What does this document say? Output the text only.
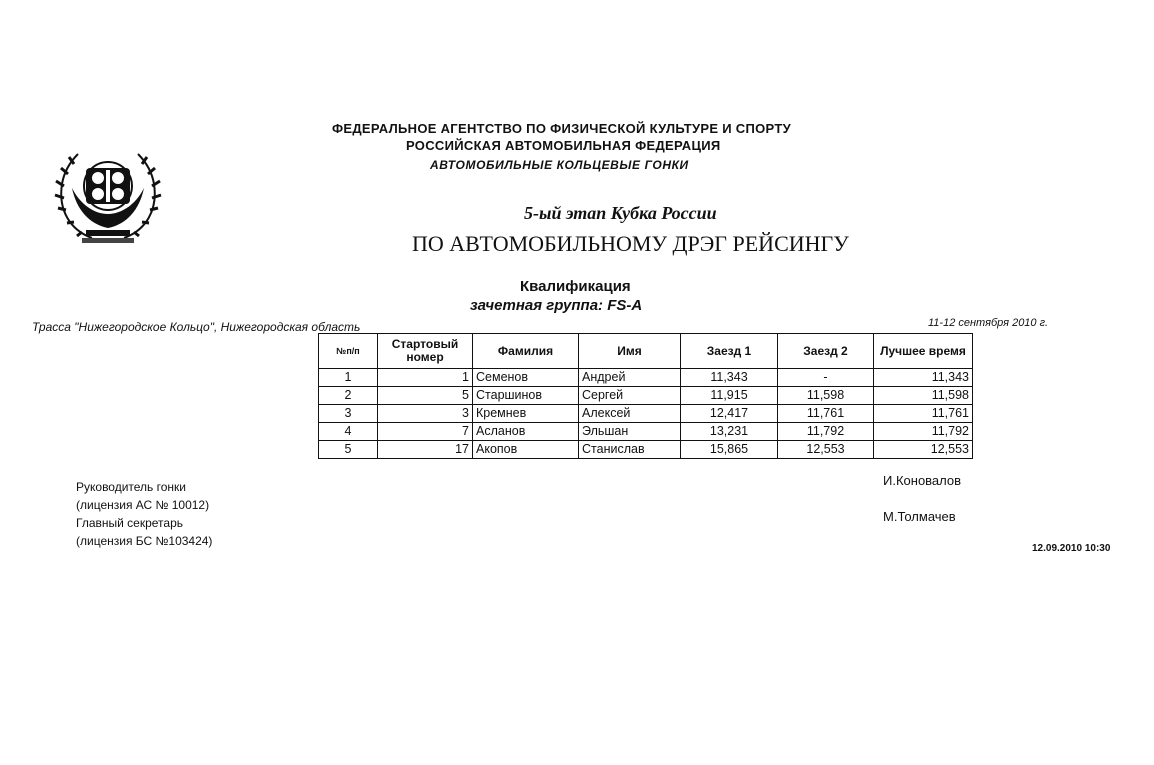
ФЕДЕРАЛЬНОЕ АГЕНТСТВО ПО ФИЗИЧЕСКОЙ КУЛЬТУРЕ И СПОРТУ
РОССИЙСКАЯ АВТОМОБИЛЬНАЯ ФЕДЕРАЦИЯ
АВТОМОБИЛЬНЫЕ КОЛЬЦЕВЫЕ ГОНКИ
5-ый этап Кубка России
ПО АВТОМОБИЛЬНОМУ ДРЭГ РЕЙСИНГУ
Квалификация
зачетная группа: FS-A
Трасса "Нижегородское Кольцо", Нижегородская область	11-12 сентября 2010 г.
№п/п	Стартовый номер	Фамилия	Имя	Заезд 1	Заезд 2	Лучшее время
1	1	Семенов	Андрей	11,343	-	11,343
2	5	Старшинов	Сергей	11,915	11,598	11,598
3	3	Кремнев	Алексей	12,417	11,761	11,761
4	7	Асланов	Эльшан	13,231	11,792	11,792
5	17	Акопов	Станислав	15,865	12,553	12,553
Руководитель гонки
(лицензия АС № 10012)
Главный секретарь
(лицензия БС №103424)
И.Коновалов
М.Толмачев
12.09.2010 10:30
